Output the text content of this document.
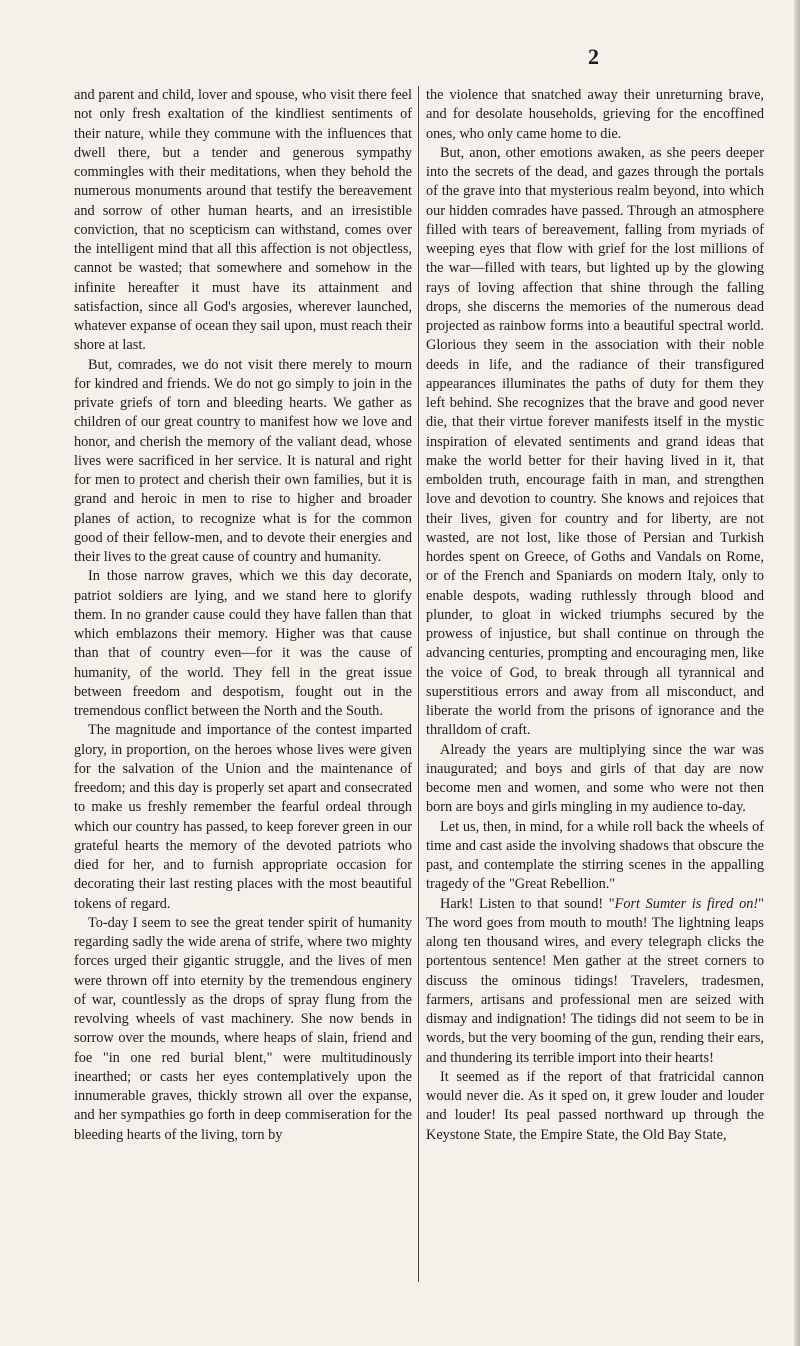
2

and parent and child, lover and spouse, who visit there feel not only fresh exaltation of the kindliest sentiments of their nature, while they commune with the influences that dwell there, but a tender and generous sympathy commingles with their meditations, when they behold the numerous monuments around that testify the bereavement and sorrow of other human hearts, and an irresistible conviction, that no scepticism can withstand, comes over the intelligent mind that all this affection is not objectless, cannot be wasted; that somewhere and somehow in the infinite hereafter it must have its attainment and satisfaction, since all God's argosies, wherever launched, whatever expanse of ocean they sail upon, must reach their shore at last.

But, comrades, we do not visit there merely to mourn for kindred and friends. We do not go simply to join in the private griefs of torn and bleeding hearts. We gather as children of our great country to manifest how we love and honor, and cherish the memory of the valiant dead, whose lives were sacrificed in her service. It is natural and right for men to protect and cherish their own families, but it is grand and heroic in men to rise to higher and broader planes of action, to recognize what is for the common good of their fellow-men, and to devote their energies and their lives to the great cause of country and humanity.

In those narrow graves, which we this day decorate, patriot soldiers are lying, and we stand here to glorify them. In no grander cause could they have fallen than that which emblazons their memory. Higher was that cause than that of country even—for it was the cause of humanity, of the world. They fell in the great issue between freedom and despotism, fought out in the tremendous conflict between the North and the South.

The magnitude and importance of the contest imparted glory, in proportion, on the heroes whose lives were given for the salvation of the Union and the maintenance of freedom; and this day is properly set apart and consecrated to make us freshly remember the fearful ordeal through which our country has passed, to keep forever green in our grateful hearts the memory of the devoted patriots who died for her, and to furnish appropriate occasion for decorating their last resting places with the most beautiful tokens of regard.

To-day I seem to see the great tender spirit of humanity regarding sadly the wide arena of strife, where two mighty forces urged their gigantic struggle, and the lives of men were thrown off into eternity by the tremendous enginery of war, countlessly as the drops of spray flung from the revolving wheels of vast machinery. She now bends in sorrow over the mounds, where heaps of slain, friend and foe "in one red burial blent," were multitudinously inearthed; or casts her eyes contemplatively upon the innumerable graves, thickly strown all over the expanse, and her sympathies go forth in deep commiseration for the bleeding hearts of the living, torn by

the violence that snatched away their unreturning brave, and for desolate households, grieving for the encoffined ones, who only came home to die.

But, anon, other emotions awaken, as she peers deeper into the secrets of the dead, and gazes through the portals of the grave into that mysterious realm beyond, into which our hidden comrades have passed. Through an atmosphere filled with tears of bereavement, falling from myriads of weeping eyes that flow with grief for the lost millions of the war—filled with tears, but lighted up by the glowing rays of loving affection that shine through the falling drops, she discerns the memories of the numerous dead projected as rainbow forms into a beautiful spectral world. Glorious they seem in the association with their noble deeds in life, and the radiance of their transfigured appearances illuminates the paths of duty for them they left behind. She recognizes that the brave and good never die, that their virtue forever manifests itself in the mystic inspiration of elevated sentiments and grand ideas that make the world better for their having lived in it, that embolden truth, encourage faith in man, and strengthen love and devotion to country. She knows and rejoices that their lives, given for country and for liberty, are not wasted, are not lost, like those of Persian and Turkish hordes spent on Greece, of Goths and Vandals on Rome, or of the French and Spaniards on modern Italy, only to enable despots, wading ruthlessly through blood and plunder, to gloat in wicked triumphs secured by the prowess of injustice, but shall continue on through the advancing centuries, prompting and encouraging men, like the voice of God, to break through all tyrannical and superstitious errors and away from all misconduct, and liberate the world from the prisons of ignorance and the thralldom of craft.

Already the years are multiplying since the war was inaugurated; and boys and girls of that day are now become men and women, and some who were not then born are boys and girls mingling in my audience to-day.

Let us, then, in mind, for a while roll back the wheels of time and cast aside the involving shadows that obscure the past, and contemplate the stirring scenes in the appalling tragedy of the "Great Rebellion."

Hark! Listen to that sound! "Fort Sumter is fired on!" The word goes from mouth to mouth! The lightning leaps along ten thousand wires, and every telegraph clicks the portentous sentence! Men gather at the street corners to discuss the ominous tidings! Travelers, tradesmen, farmers, artisans and professional men are seized with dismay and indignation! The tidings did not seem to be in words, but the very booming of the gun, rending their ears, and thundering its terrible import into their hearts!

It seemed as if the report of that fratricidal cannon would never die. As it sped on, it grew louder and louder and louder! Its peal passed northward up through the Keystone State, the Empire State, the Old Bay State,
